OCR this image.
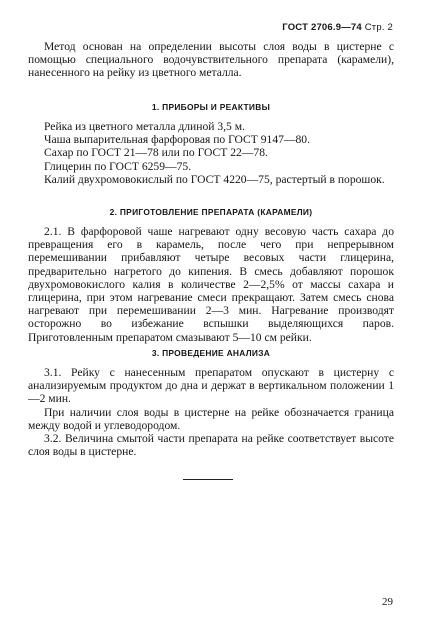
ГОСТ 2706.9—74 Стр. 2

Метод основан на определении высоты слоя воды в цистерне с помощью специального водочувствительного препарата (карамели), нанесенного на рейку из цветного металла.

1. ПРИБОРЫ И РЕАКТИВЫ

Рейка из цветного металла длиной 3,5 м.

Чаша выпарительная фарфоровая по ГОСТ 9147—80.

Сахар по ГОСТ 21—78 или по ГОСТ 22—78.

Глицерин по ГОСТ 6259—75.

Калий двухромовокислый по ГОСТ 4220—75, растертый в порошок.

2. ПРИГОТОВЛЕНИЕ ПРЕПАРАТА (КАРАМЕЛИ)

2.1. В фарфоровой чаше нагревают одну весовую часть сахара до превращения его в карамель, после чего при непрерывном перемешивании прибавляют четыре весовых части глицерина, предварительно нагретого до кипения. В смесь добавляют порошок двухромовокислого калия в количестве 2—2,5% от массы сахара и глицерина, при этом нагревание смеси прекращают. Затем смесь снова нагревают при перемешивании 2—3 мин. Нагревание производят осторожно во избежание вспышки выделяющихся паров. Приготовленным препаратом смазывают 5—10 см рейки.

3. ПРОВЕДЕНИЕ АНАЛИЗА

3.1. Рейку с нанесенным препаратом опускают в цистерну с анализируемым продуктом до дна и держат в вертикальном положении 1—2 мин.

При наличии слоя воды в цистерне на рейке обозначается граница между водой и углеводородом.

3.2. Величина смытой части препарата на рейке соответствует высоте слоя воды в цистерне.

29
